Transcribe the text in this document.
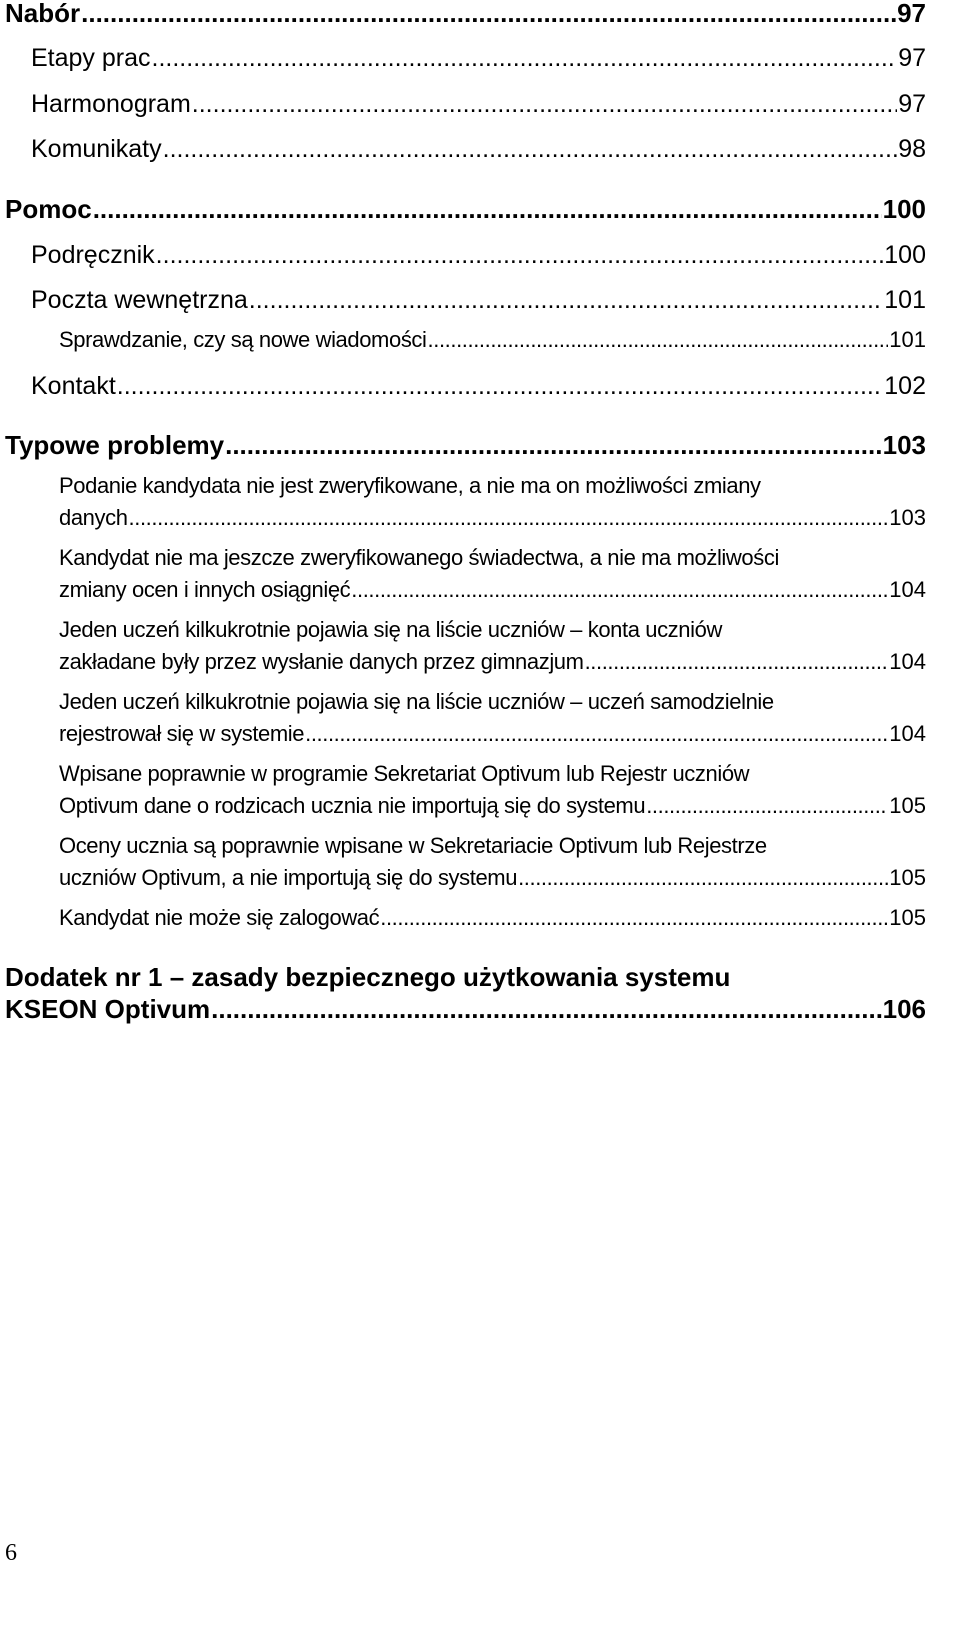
Nabór .....	97
Etapy prac .....	97
Harmonogram .....	97
Komunikaty .....	98
Pomoc .....	100
Podręcznik .....	100
Poczta wewnętrzna .....	101
Sprawdzanie, czy są nowe wiadomości .....	101
Kontakt .....	102
Typowe problemy .....	103
Podanie kandydata nie jest zweryfikowane, a nie ma on możliwości zmiany
danych .....	103
Kandydat nie ma jeszcze zweryfikowanego świadectwa, a nie ma możliwości
zmiany ocen i innych osiągnięć .....	104
Jeden uczeń kilkukrotnie pojawia się na liście uczniów – konta uczniów
zakładane były przez wysłanie danych przez gimnazjum .....	104
Jeden uczeń kilkukrotnie pojawia się na liście uczniów – uczeń samodzielnie
rejestrował się w systemie .....	104
Wpisane poprawnie w programie Sekretariat Optivum lub Rejestr uczniów
Optivum dane o rodzicach ucznia nie importują się do systemu .....	105
Oceny ucznia są poprawnie wpisane w Sekretariacie Optivum lub Rejestrze
uczniów Optivum, a nie importują się do systemu .....	105
Kandydat nie może się zalogować .....	105
Dodatek nr 1 – zasady bezpiecznego użytkowania systemu
KSEON Optivum .....	106
6
